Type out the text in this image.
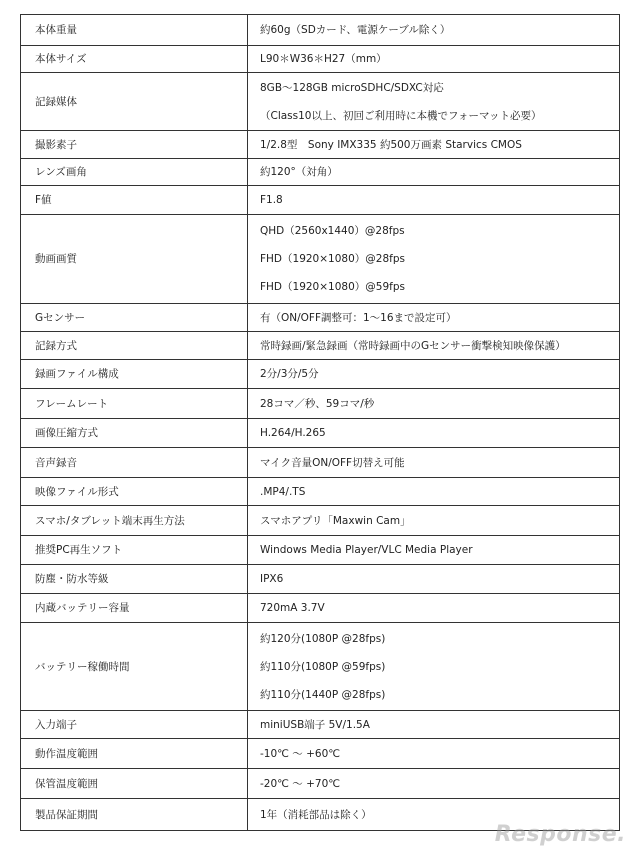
本体重量	約60g（SDカード、電源ケーブル除く）

本体サイズ	L90＊W36＊H27（mm）

記録媒体	8GB〜128GB microSDHC/SDXC対応
（Class10以上、初回ご利用時に本機でフォーマット必要）

撮影素子	1/2.8型　Sony IMX335 約500万画素 Starvics CMOS

レンズ画角	約120°（対角）

F値	F1.8

動画画質	QHD（2560x1440）@28fps
FHD（1920×1080）@28fps
FHD（1920×1080）@59fps

Gセンサー	有（ON/OFF調整可：1〜16まで設定可）

記録方式	常時録画/緊急録画（常時録画中のGセンサー衝撃検知映像保護）

録画ファイル構成	2分/3分/5分

フレームレート	28コマ／秒、59コマ/秒

画像圧縮方式	H.264/H.265

音声録音	マイク音量ON/OFF切替え可能

映像ファイル形式	.MP4/.TS

スマホ/タブレット端末再生方法	スマホアプリ「Maxwin Cam」

推奨PC再生ソフト	Windows Media Player/VLC Media Player

防塵・防水等級	IPX6

内蔵バッテリー容量	720mA 3.7V

バッテリー稼働時間	約120分(1080P @28fps)
約110分(1080P @59fps)
約110分(1440P @28fps)

入力端子	miniUSB端子 5V/1.5A

動作温度範囲	-10℃ 〜 +60℃

保管温度範囲	-20℃ 〜 +70℃

製品保証期間	1年（消耗部品は除く）
Response.
